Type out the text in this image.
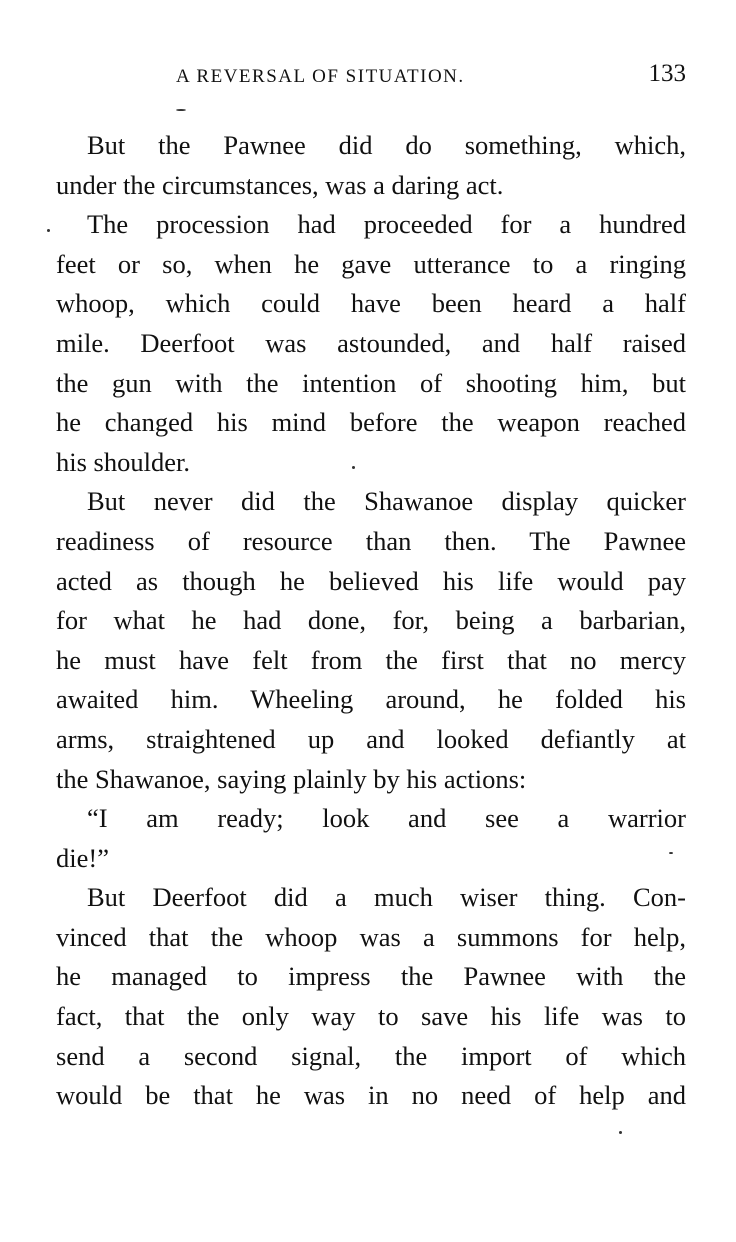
A REVERSAL OF SITUATION.	133
But the Pawnee did do something, which,
under the circumstances, was a daring act.
The procession had proceeded for a hundred
feet or so, when he gave utterance to a ringing
whoop, which could have been heard a half
mile. Deerfoot was astounded, and half raised
the gun with the intention of shooting him, but
he changed his mind before the weapon reached
his shoulder.
But never did the Shawanoe display quicker
readiness of resource than then. The Pawnee
acted as though he believed his life would pay
for what he had done, for, being a barbarian,
he must have felt from the first that no mercy
awaited him. Wheeling around, he folded his
arms, straightened up and looked defiantly at
the Shawanoe, saying plainly by his actions:
“I am ready; look and see a warrior
die!”
But Deerfoot did a much wiser thing. Con-
vinced that the whoop was a summons for help,
he managed to impress the Pawnee with the
fact, that the only way to save his life was to
send a second signal, the import of which
would be that he was in no need of help and
